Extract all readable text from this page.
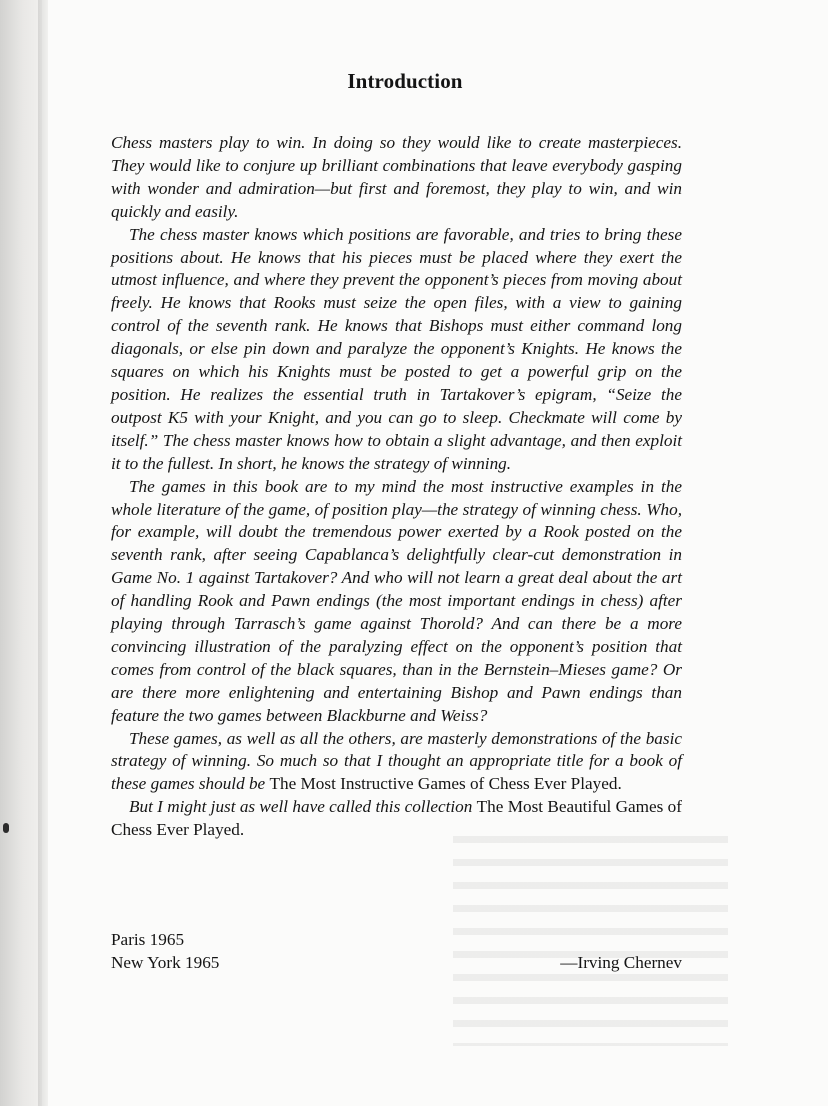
Introduction

Chess masters play to win. In doing so they would like to create masterpieces. They would like to conjure up brilliant combinations that leave everybody gasping with wonder and admiration—but first and foremost, they play to win, and win quickly and easily.

The chess master knows which positions are favorable, and tries to bring these positions about. He knows that his pieces must be placed where they exert the utmost influence, and where they prevent the opponent’s pieces from moving about freely. He knows that Rooks must seize the open files, with a view to gaining control of the seventh rank. He knows that Bishops must either command long diagonals, or else pin down and paralyze the opponent’s Knights. He knows the squares on which his Knights must be posted to get a powerful grip on the position. He realizes the essential truth in Tartakover’s epigram, “Seize the outpost K5 with your Knight, and you can go to sleep. Checkmate will come by itself.” The chess master knows how to obtain a slight advantage, and then exploit it to the fullest. In short, he knows the strategy of winning.

The games in this book are to my mind the most instructive examples in the whole literature of the game, of position play—the strategy of winning chess. Who, for example, will doubt the tremendous power exerted by a Rook posted on the seventh rank, after seeing Capablanca’s delightfully clear-cut demonstration in Game No. 1 against Tartakover? And who will not learn a great deal about the art of handling Rook and Pawn endings (the most important endings in chess) after playing through Tarrasch’s game against Thorold? And can there be a more convincing illustration of the paralyzing effect on the opponent’s position that comes from control of the black squares, than in the Bernstein–Mieses game? Or are there more enlightening and entertaining Bishop and Pawn endings than feature the two games between Blackburne and Weiss?

These games, as well as all the others, are masterly demonstrations of the basic strategy of winning. So much so that I thought an appropriate title for a book of these games should be The Most Instructive Games of Chess Ever Played.

But I might just as well have called this collection The Most Beautiful Games of Chess Ever Played.

Paris 1965
New York 1965	—Irving Chernev
